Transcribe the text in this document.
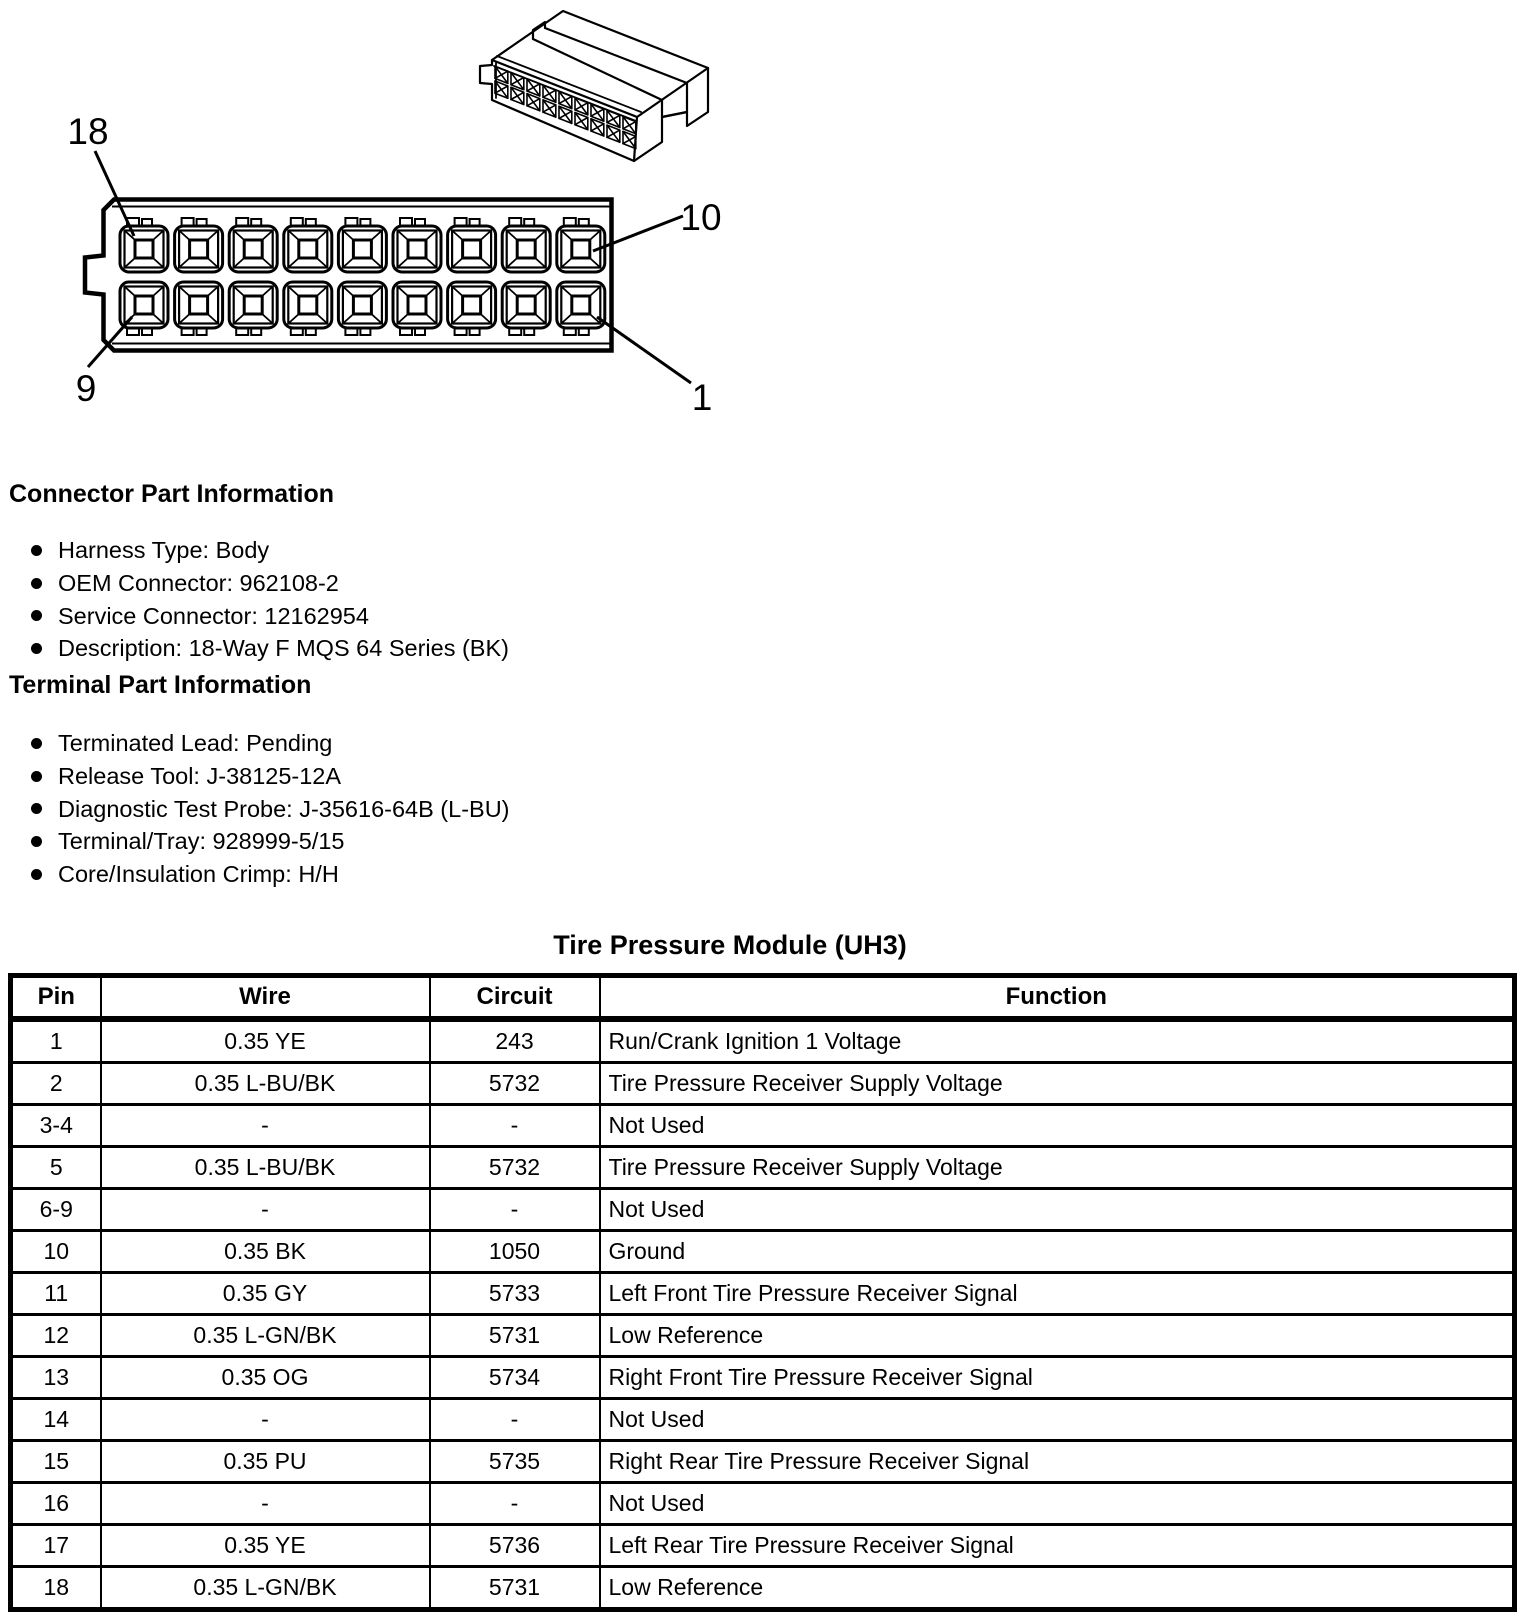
18
10
9	1
Connector Part Information
Harness Type: Body
OEM Connector: 962108-2
Service Connector: 12162954
Description: 18-Way F MQS 64 Series (BK)
Terminal Part Information
Terminated Lead: Pending
Release Tool: J-38125-12A
Diagnostic Test Probe: J-35616-64B (L-BU)
Terminal/Tray: 928999-5/15
Core/Insulation Crimp: H/H
Tire Pressure Module (UH3)
Pin	Wire	Circuit	Function
1	0.35 YE	243	Run/Crank Ignition 1 Voltage
2	0.35 L-BU/BK	5732	Tire Pressure Receiver Supply Voltage
3-4	-	-	Not Used
5	0.35 L-BU/BK	5732	Tire Pressure Receiver Supply Voltage
6-9	-	-	Not Used
10	0.35 BK	1050	Ground
11	0.35 GY	5733	Left Front Tire Pressure Receiver Signal
12	0.35 L-GN/BK	5731	Low Reference
13	0.35 OG	5734	Right Front Tire Pressure Receiver Signal
14	-	-	Not Used
15	0.35 PU	5735	Right Rear Tire Pressure Receiver Signal
16	-	-	Not Used
17	0.35 YE	5736	Left Rear Tire Pressure Receiver Signal
18	0.35 L-GN/BK	5731	Low Reference
